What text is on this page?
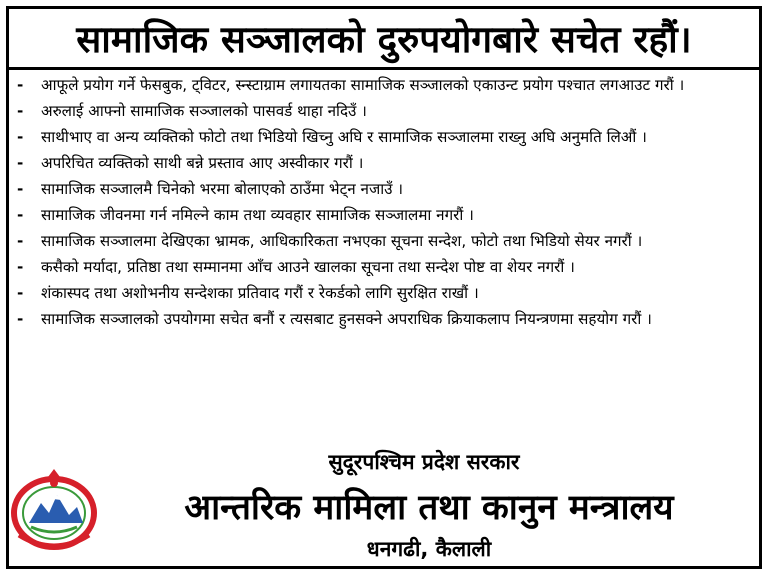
सामाजिक सञ्जालको दुरुपयोगबारे सचेत रहौं।
- आफूले प्रयोग गर्ने फेसबुक, ट्विटर, स्न्स्टाग्राम लगायतका सामाजिक सञ्जालको एकाउन्ट प्रयोग पश्चात लगआउट गरौं ।
- अरुलाई आफ्नो सामाजिक सञ्जालको पासवर्ड थाहा नदिउँ ।
- साथीभाए वा अन्य व्यक्तिको फोटो तथा भिडियो खिच्नु अघि र सामाजिक सञ्जालमा राख्नु अघि अनुमति लिऔं ।
- अपरिचित व्यक्तिको साथी बन्ने प्रस्ताव आए अस्वीकार गरौं ।
- सामाजिक सञ्जालमै चिनेको भरमा बोलाएको ठाउँमा भेट्न नजाउँ ।
- सामाजिक जीवनमा गर्न नमिल्ने काम तथा व्यवहार सामाजिक सञ्जालमा नगरौं ।
- सामाजिक सञ्जालमा देखिएका भ्रामक, आधिकारिकता नभएका सूचना सन्देश, फोटो तथा भिडियो सेयर नगरौं ।
- कसैको मर्यादा, प्रतिष्ठा तथा सम्मानमा आँच आउने खालका सूचना तथा सन्देश पोष्ट वा शेयर नगरौं ।
- शंकास्पद तथा अशोभनीय सन्देशका प्रतिवाद गरौं र रेकर्डको लागि सुरक्षित राखौं ।
- सामाजिक सञ्जालको उपयोगमा सचेत बनौं र त्यसबाट हुनसक्ने अपराधिक क्रियाकलाप नियन्त्रणमा सहयोग गरौं ।
सुदूरपश्चिम प्रदेश सरकार
आन्तरिक मामिला तथा कानुन मन्त्रालय
धनगढी, कैलाली
